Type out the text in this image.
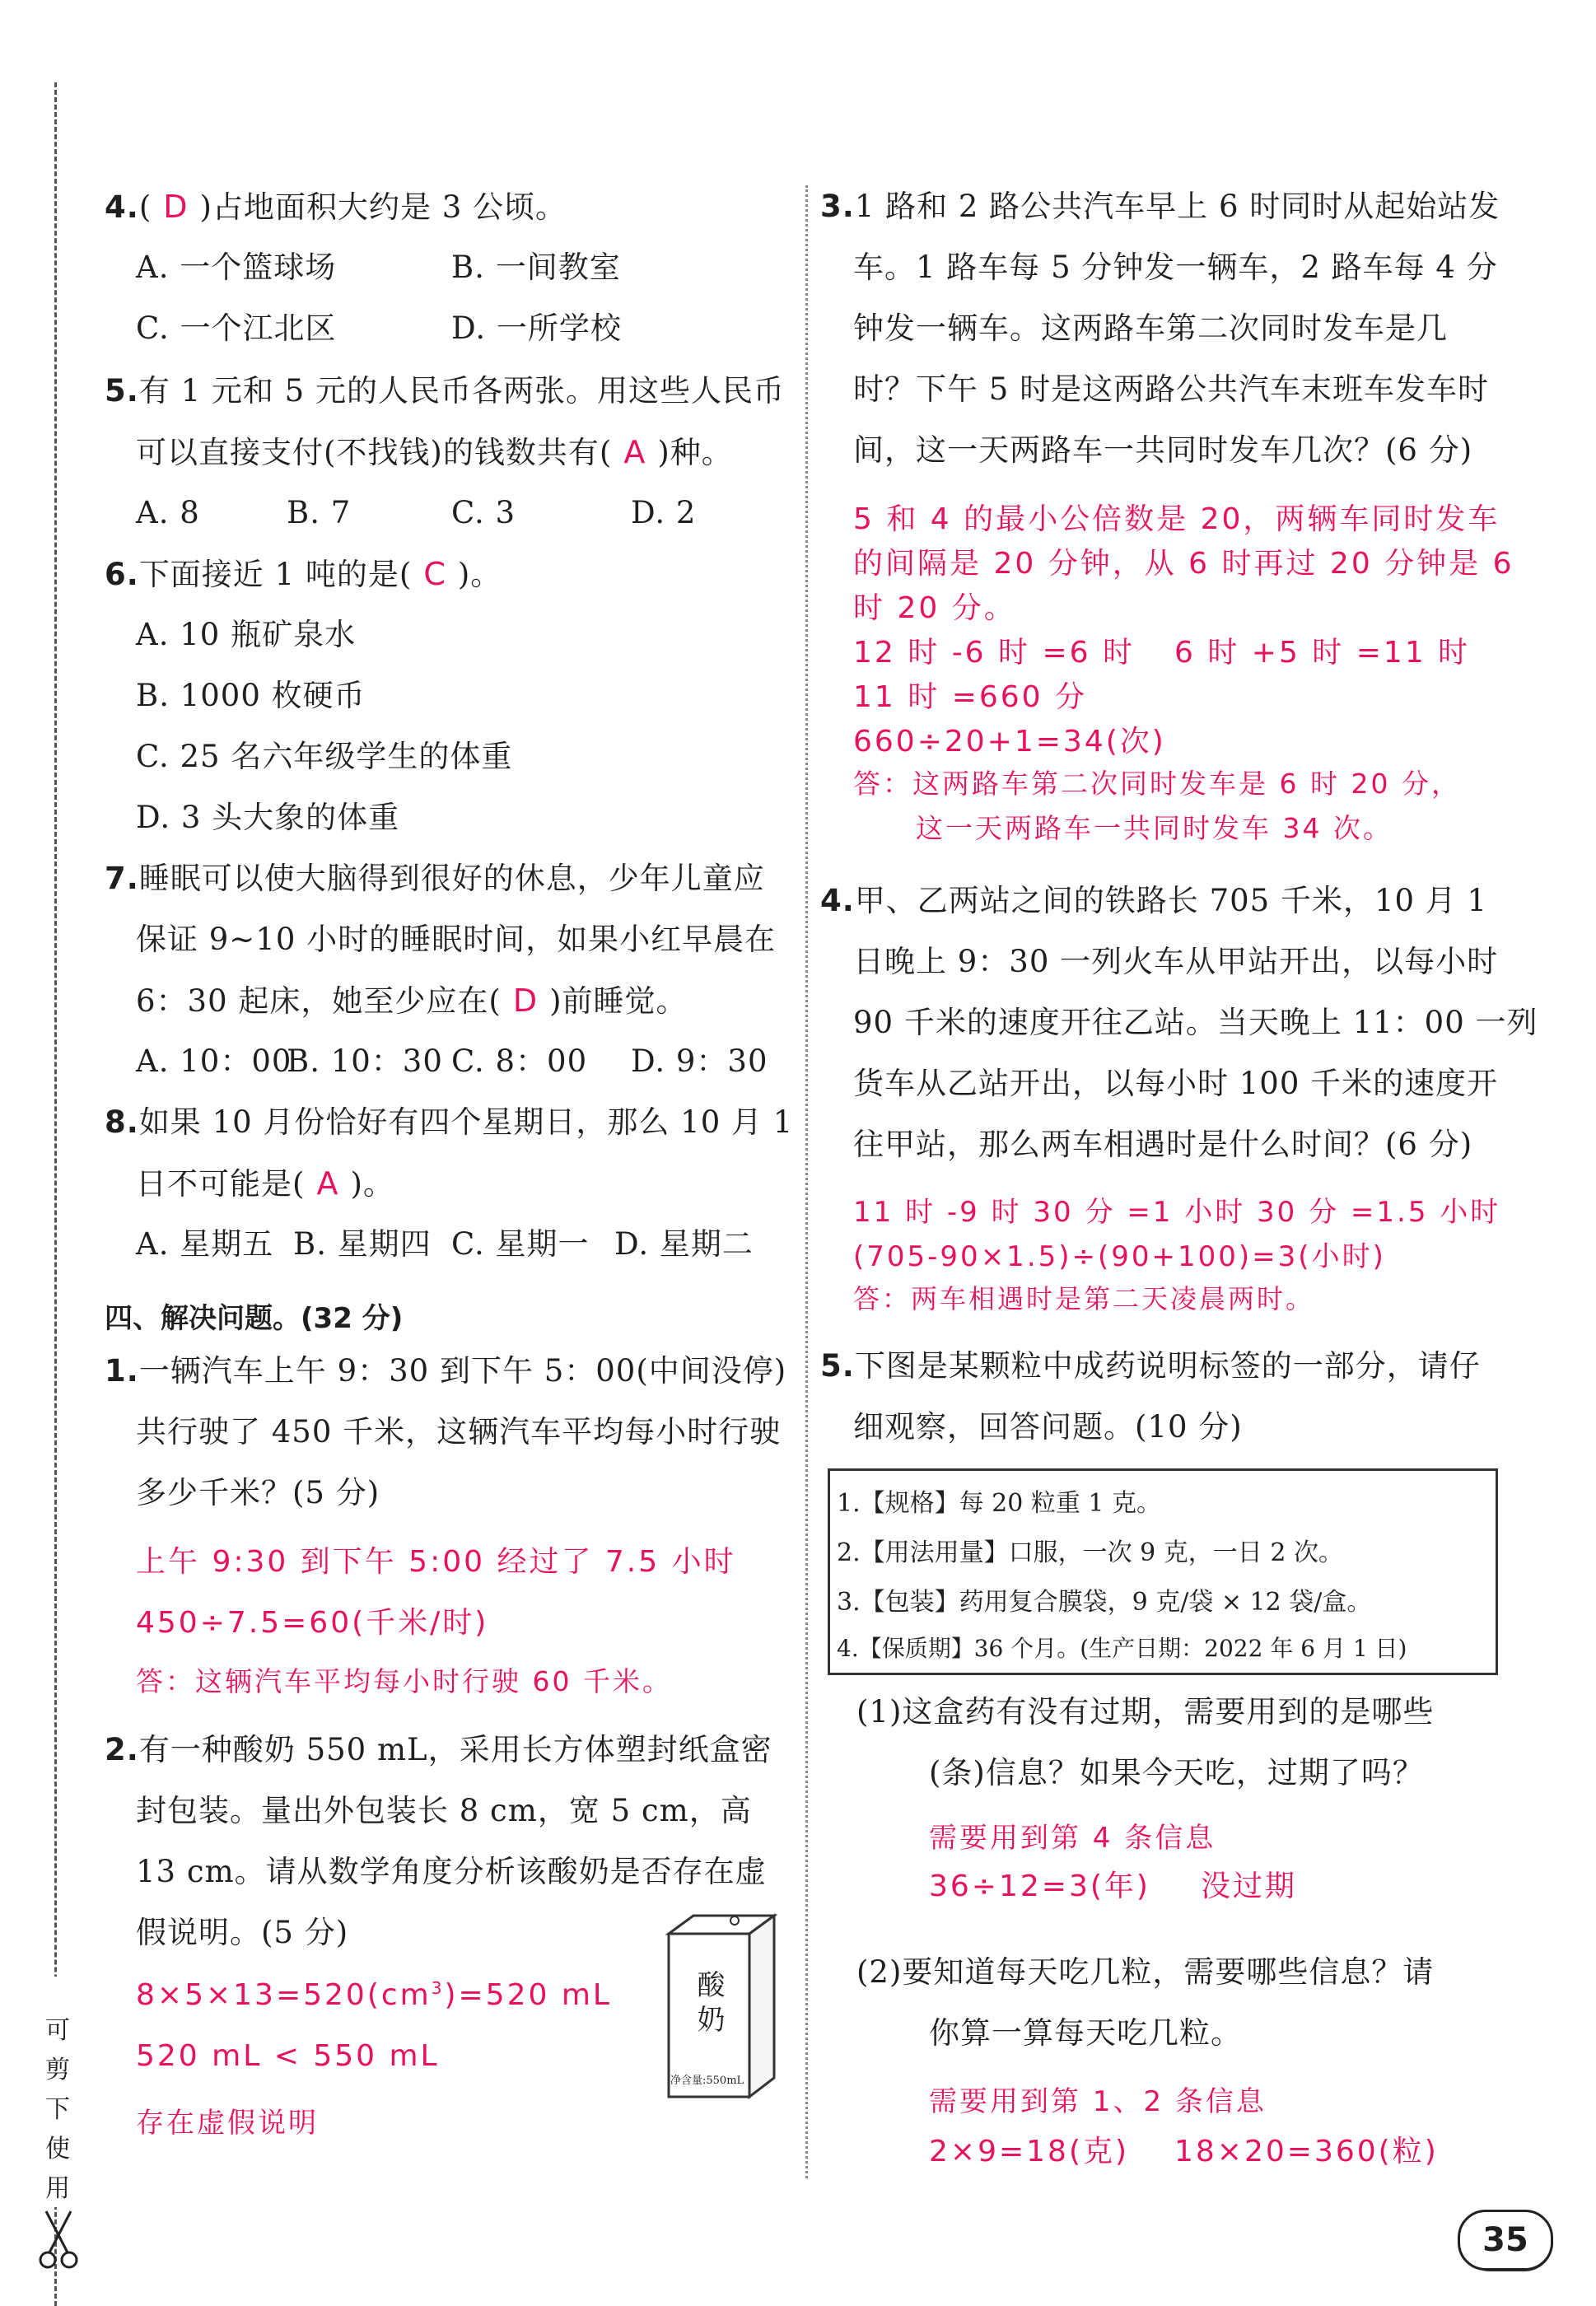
可
剪
下
使
用
4.( D )占地面积大约是 3 公顷。
A. 一个篮球场	B. 一间教室
C. 一个江北区	D. 一所学校
5.有 1 元和 5 元的人民币各两张。用这些人民币
可以直接支付(不找钱)的钱数共有( A )种。
A. 8	B. 7	C. 3	D. 2
6.下面接近 1 吨的是( C )。
A. 10 瓶矿泉水
B. 1000 枚硬币
C. 25 名六年级学生的体重
D. 3 头大象的体重
7.睡眠可以使大脑得到很好的休息，少年儿童应
保证 9~10 小时的睡眠时间，如果小红早晨在
6：30 起床，她至少应在( D )前睡觉。
A. 10：00
B. 10：30 C. 8：00 D. 9：30
8.如果 10 月份恰好有四个星期日，那么 10 月 1
日不可能是( A )。
A. 星期五 B. 星期四 C. 星期一 D. 星期二
四、解决问题。(32 分)
1.一辆汽车上午 9：30 到下午 5：00(中间没停)
共行驶了 450 千米，这辆汽车平均每小时行驶
多少千米？(5 分)
上午 9:30 到下午 5:00 经过了 7.5 小时
450÷7.5=60(千米/时)
答：这辆汽车平均每小时行驶 60 千米。
2.有一种酸奶 550 mL，采用长方体塑封纸盒密
封包装。量出外包装长 8 cm，宽 5 cm，高
13 cm。请从数学角度分析该酸奶是否存在虚
假说明。(5 分)
$8\times 5\times 13=520(cm^3)=520$ mL
520 mL < 550 mL
存在虚假说明
酸奶
净含量:550mL
3.1 路和 2 路公共汽车早上 6 时同时从起始站发
车。1 路车每 5 分钟发一辆车，2 路车每 4 分
钟发一辆车。这两路车第二次同时发车是几
时？下午 5 时是这两路公共汽车末班车发车时
间，这一天两路车一共同时发车几次？(6 分)
5 和 4 的最小公倍数是 20，两辆车同时发车
的间隔是 20 分钟，从 6 时再过 20 分钟是 6
时 20 分。
12 时 -6 时 =6 时 6 时 +5 时 =11 时
11 时 =660 分
660÷20+1=34(次)
答：这两路车第二次同时发车是 6 时 20 分，
这一天两路车一共同时发车 34 次。
4.甲、乙两站之间的铁路长 705 千米，10 月 1
日晚上 9：30 一列火车从甲站开出，以每小时
90 千米的速度开往乙站。当天晚上 11：00 一列
货车从乙站开出，以每小时 100 千米的速度开
往甲站，那么两车相遇时是什么时间？(6 分)
11 时 -9 时 30 分 =1 小时 30 分 =1.5 小时
(705-90×1.5)÷(90+100)=3(小时)
答：两车相遇时是第二天凌晨两时。
5.下图是某颗粒中成药说明标签的一部分，请仔
细观察，回答问题。(10 分)
1.【规格】每 20 粒重 1 克。
2.【用法用量】口服，一次 9 克，一日 2 次。
3.【包装】药用复合膜袋，9 克/袋 × 12 袋/盒。
4.【保质期】36 个月。(生产日期：2022 年 6 月 1 日)
(1)这盒药有没有过期，需要用到的是哪些
(条)信息？如果今天吃，过期了吗？
需要用到第 4 条信息
36÷12=3(年) 没过期
(2)要知道每天吃几粒，需要哪些信息？请
你算一算每天吃几粒。
需要用到第 1、2 条信息
2×9=18(克) 18×20=360(粒)
35
